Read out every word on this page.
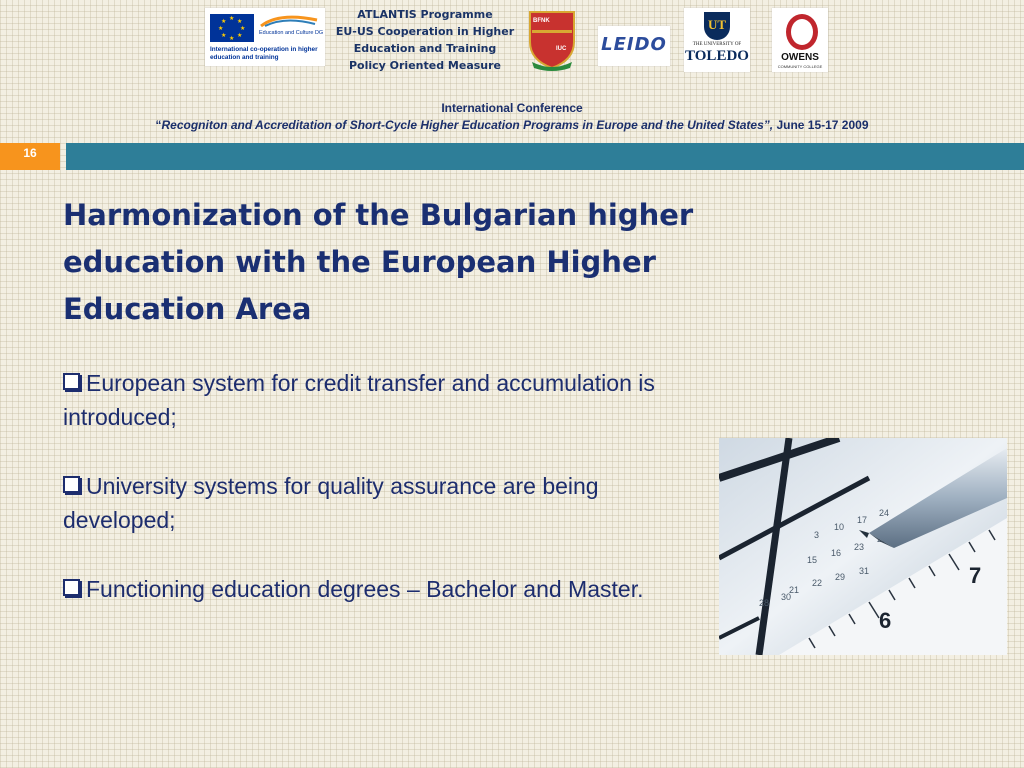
★ ★
★
★
★
★
★
★
Education and Culture DG
International co-operation in higher education and training
ATLANTIS Programme
EU-US Cooperation in Higher
Education and Training
Policy Oriented Measure
BFNK
IUC LEIDO
UT
THE UNIVERSITY OF
TOLEDO	OWENS
COMMUNITY COLLEGE
International Conference
“Recogniton and Accreditation of Short-Cycle Higher Education Programs in Europe and the United States”, June 15-17 2009
16
Harmonization of the Bulgarian higher education with the European Higher Education Area
European system for credit transfer and accumulation is introduced;
University systems for quality assurance are being developed;
Functioning education degrees – Bachelor and Master.
3
10
17
24
15
16
23
21
22
29
31
28
30
6
7
